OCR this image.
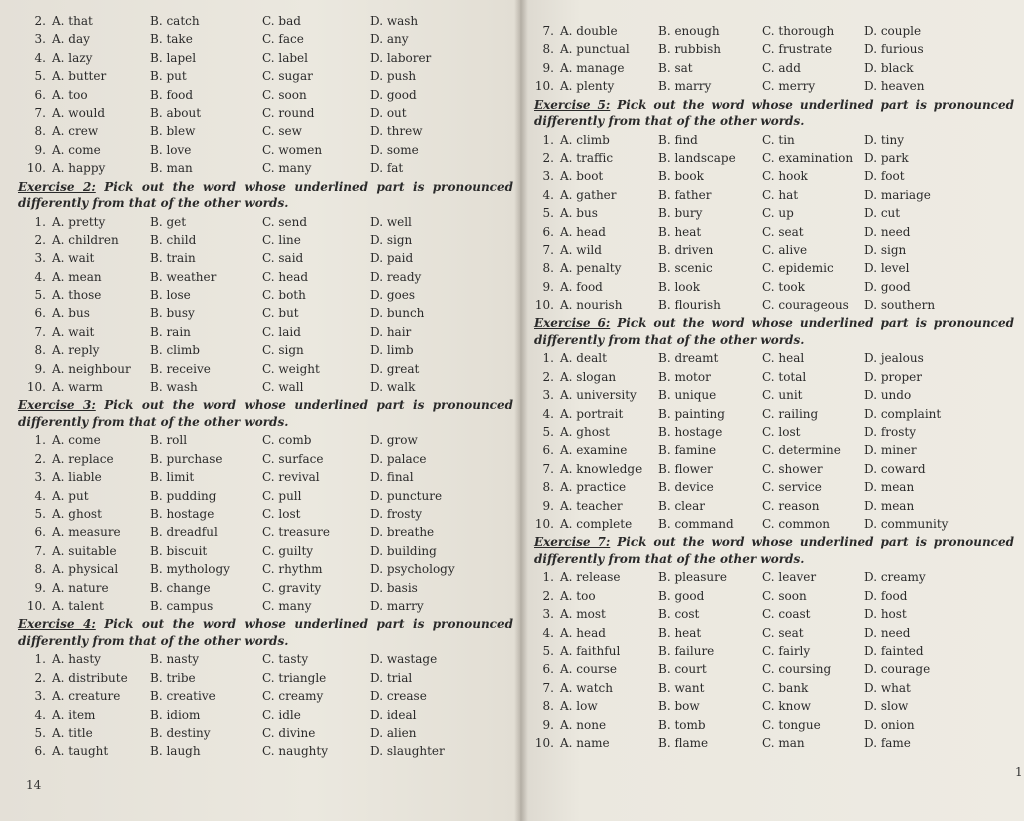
2. A. that	B. catch	C. bad	D. wash
3. A. day	B. take	C. face	D. any
4. A. lazy	B. lapel	C. label	D. laborer
5. A. butter	B. put	C. sugar	D. push
6. A. too	B. food	C. soon	D. good
7. A. would	B. about	C. round	D. out
8. A. crew	B. blew	C. sew	D. threw
9. A. come	B. love	C. women	D. some
10. A. happy	B. man	C. many	D. fat
Exercise 2: Pick out the word whose underlined part is pronounced differently from that of the other words.
1. A. pretty	B. get	C. send	D. well
2. A. children	B. child	C. line	D. sign
3. A. wait	B. train	C. said	D. paid
4. A. mean	B. weather	C. head	D. ready
5. A. those	B. lose	C. both	D. goes
6. A. bus	B. busy	C. but	D. bunch
7. A. wait	B. rain	C. laid	D. hair
8. A. reply	B. climb	C. sign	D. limb
9. A. neighbour B. receive	C. weight	D. great
10. A. warm	B. wash	C. wall	D. walk
Exercise 3: Pick out the word whose underlined part is pronounced differently from that of the other words.
1. A. come	B. roll	C. comb	D. grow
2. A. replace	B. purchase	C. surface	D. palace
3. A. liable	B. limit	C. revival	D. final
4. A. put	B. pudding	C. pull	D. puncture
5. A. ghost	B. hostage	C. lost	D. frosty
6. A. measure B. dreadful	C. treasure	D. breathe
7. A. suitable	B. biscuit	C. guilty	D. building
8. A. physical	B. mythology	C. rhythm	D. psychology
9. A. nature	B. change	C. gravity	D. basis
10. A. talent	B. campus	C. many	D. marry
Exercise 4: Pick out the word whose underlined part is pronounced differently from that of the other words.
1. A. hasty	B. nasty	C. tasty	D. wastage
2. A. distribute B. tribe	C. triangle	D. trial
3. A. creature B. creative	C. creamy	D. crease
4. A. item	B. idiom	C. idle	D. ideal
5. A. title	B. destiny	C. divine	D. alien
6. A. taught	B. laugh	C. naughty	D. slaughter
14
7. A. double	B. enough	C. thorough D. couple
8. A. punctual B. rubbish	C. frustrate	D. furious
9. A. manage	B. sat	C. add	D. black
10. A. plenty	B. marry	C. merry	D. heaven
Exercise 5: Pick out the word whose underlined part is pronounced differently from that of the other words.
1. A. climb	B. find	C. tin	D. tiny
2. A. traffic	B. landscape C. examination D. park
3. A. boot	B. book	C. hook	D. foot
4. A. gather	B. father	C. hat	D. mariage
5. A. bus	B. bury	C. up	D. cut
6. A. head	B. heat	C. seat	D. need
7. A. wild	B. driven	C. alive	D. sign
8. A. penalty	B. scenic	C. epidemic	D. level
9. A. food	B. look	C. took	D. good
10. A. nourish	B. flourish	C. courageous D. southern
Exercise 6: Pick out the word whose underlined part is pronounced differently from that of the other words.
1. A. dealt	B. dreamt	C. heal	D. jealous
2. A. slogan	B. motor	C. total	D. proper
3. A. university B. unique	C. unit	D. undo
4. A. portrait	B. painting	C. railing	D. complaint
5. A. ghost	B. hostage	C. lost	D. frosty
6. A. examine	B. famine	C. determine D. miner
7. A. knowledge B. flower	C. shower	D. coward
8. A. practice	B. device	C. service	D. mean
9. A. teacher	B. clear	C. reason	D. mean
10. A. complete B. command C. common	D. community
Exercise 7: Pick out the word whose underlined part is pronounced differently from that of the other words.
1. A. release	B. pleasure	C. leaver	D. creamy
2. A. too	B. good	C. soon	D. food
3. A. most	B. cost	C. coast	D. host
4. A. head	B. heat	C. seat	D. need
5. A. faithful	B. failure	C. fairly	D. fainted
6. A. course	B. court	C. coursing	D. courage
7. A. watch	B. want	C. bank	D. what
8. A. low	B. bow	C. know	D. slow
9. A. none	B. tomb	C. tongue	D. onion
10. A. name	B. flame	C. man	D. fame
1
